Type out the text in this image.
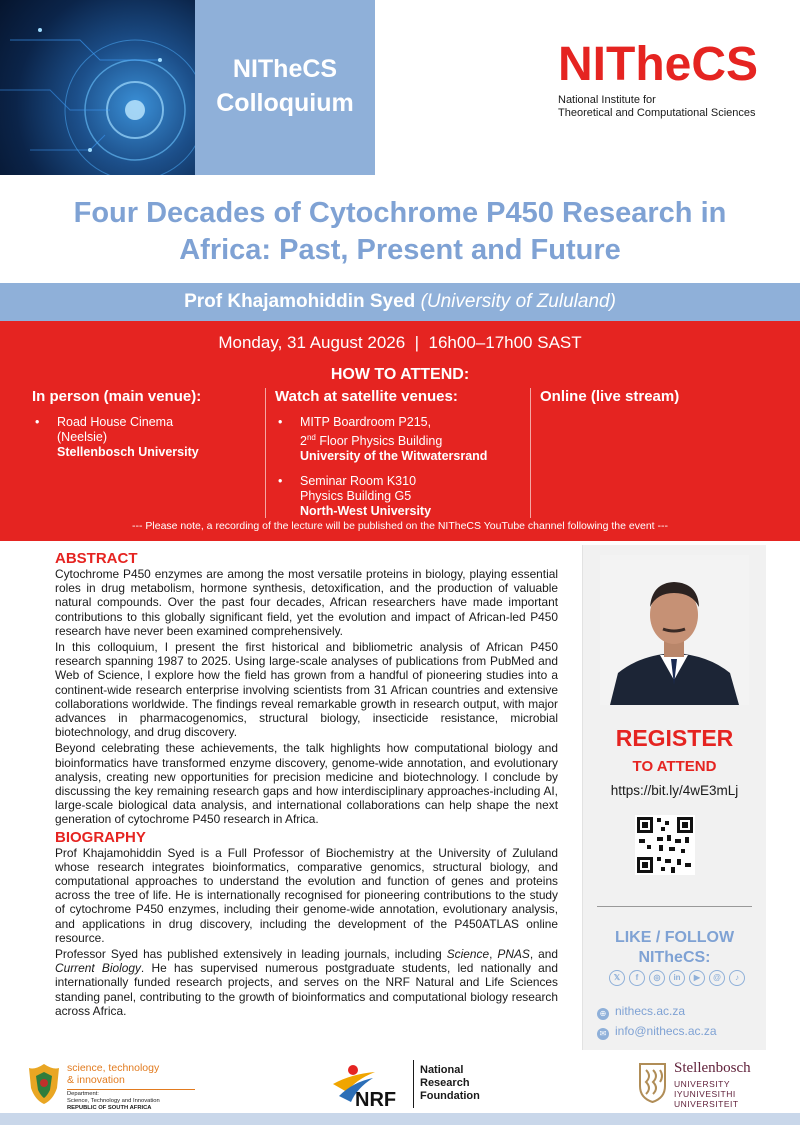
NITheCS
Colloquium
NITheCS
National Institute for
Theoretical and Computational Sciences
Four Decades of Cytochrome P450 Research in
Africa: Past, Present and Future
Prof Khajamohiddin Syed (University of Zululand)
Monday, 31 August 2026 | 16h00–17h00 SAST
HOW TO ATTEND:
In person (main venue):
• Road House Cinema
(Neelsie)
Stellenbosch University
Watch at satellite venues:
• MITP Boardroom P215,
2nd Floor Physics Building
University of the Witwatersrand
• Seminar Room K310
Physics Building G5
North-West University
Online (live stream)
--- Please note, a recording of the lecture will be published on the NITheCS YouTube channel following the event ---
ABSTRACT

Cytochrome P450 enzymes are among the most versatile proteins in biology, playing essential roles in drug metabolism, hormone synthesis, detoxification, and the production of valuable natural compounds. Over the past four decades, African researchers have made important contributions to this globally significant field, yet the evolution and impact of African-led P450 research have never been examined comprehensively.

In this colloquium, I present the first historical and bibliometric analysis of African P450 research spanning 1987 to 2025. Using large-scale analyses of publications from PubMed and Web of Science, I explore how the field has grown from a handful of pioneering studies into a continent-wide research enterprise involving scientists from 31 African countries and extensive collaborations worldwide. The findings reveal remarkable growth in research output, with major advances in pharmacogenomics, structural biology, insecticide resistance, microbial biotechnology, and drug discovery.

Beyond celebrating these achievements, the talk highlights how computational biology and bioinformatics have transformed enzyme discovery, genome-wide annotation, and evolutionary analysis, creating new opportunities for precision medicine and biotechnology. I conclude by discussing the key remaining research gaps and how interdisciplinary approaches-including AI, large-scale biological data analysis, and international collaborations can help shape the next generation of cytochrome P450 research in Africa.

BIOGRAPHY

Prof Khajamohiddin Syed is a Full Professor of Biochemistry at the University of Zululand whose research integrates bioinformatics, comparative genomics, structural biology, and computational approaches to understand the evolution and function of genes and proteins across the tree of life. He is internationally recognised for pioneering contributions to the study of cytochrome P450 enzymes, including their genome-wide annotation, evolutionary analysis, and applications in drug discovery, including the development of the P450ATLAS online resource.

Professor Syed has published extensively in leading journals, including Science, PNAS, and Current Biology. He has supervised numerous postgraduate students, led nationally and internationally funded research projects, and serves on the NRF Natural and Life Sciences standing panel, contributing to the growth of bioinformatics and computational biology research across Africa.

REGISTER
TO ATTEND
https://bit.ly/4wE3mLj
LIKE / FOLLOW
NITheCS:
𝕏	f	◎	in	▶	@	♪
⊕ nithecs.ac.za
✉ info@nithecs.ac.za
science, technology
& innovation
Department:
Science, Technology and Innovation
REPUBLIC OF SOUTH AFRICA	NRF
National
Research
Foundation
Stellenbosch
UNIVERSITY
IYUNIVESITHI
UNIVERSITEIT
